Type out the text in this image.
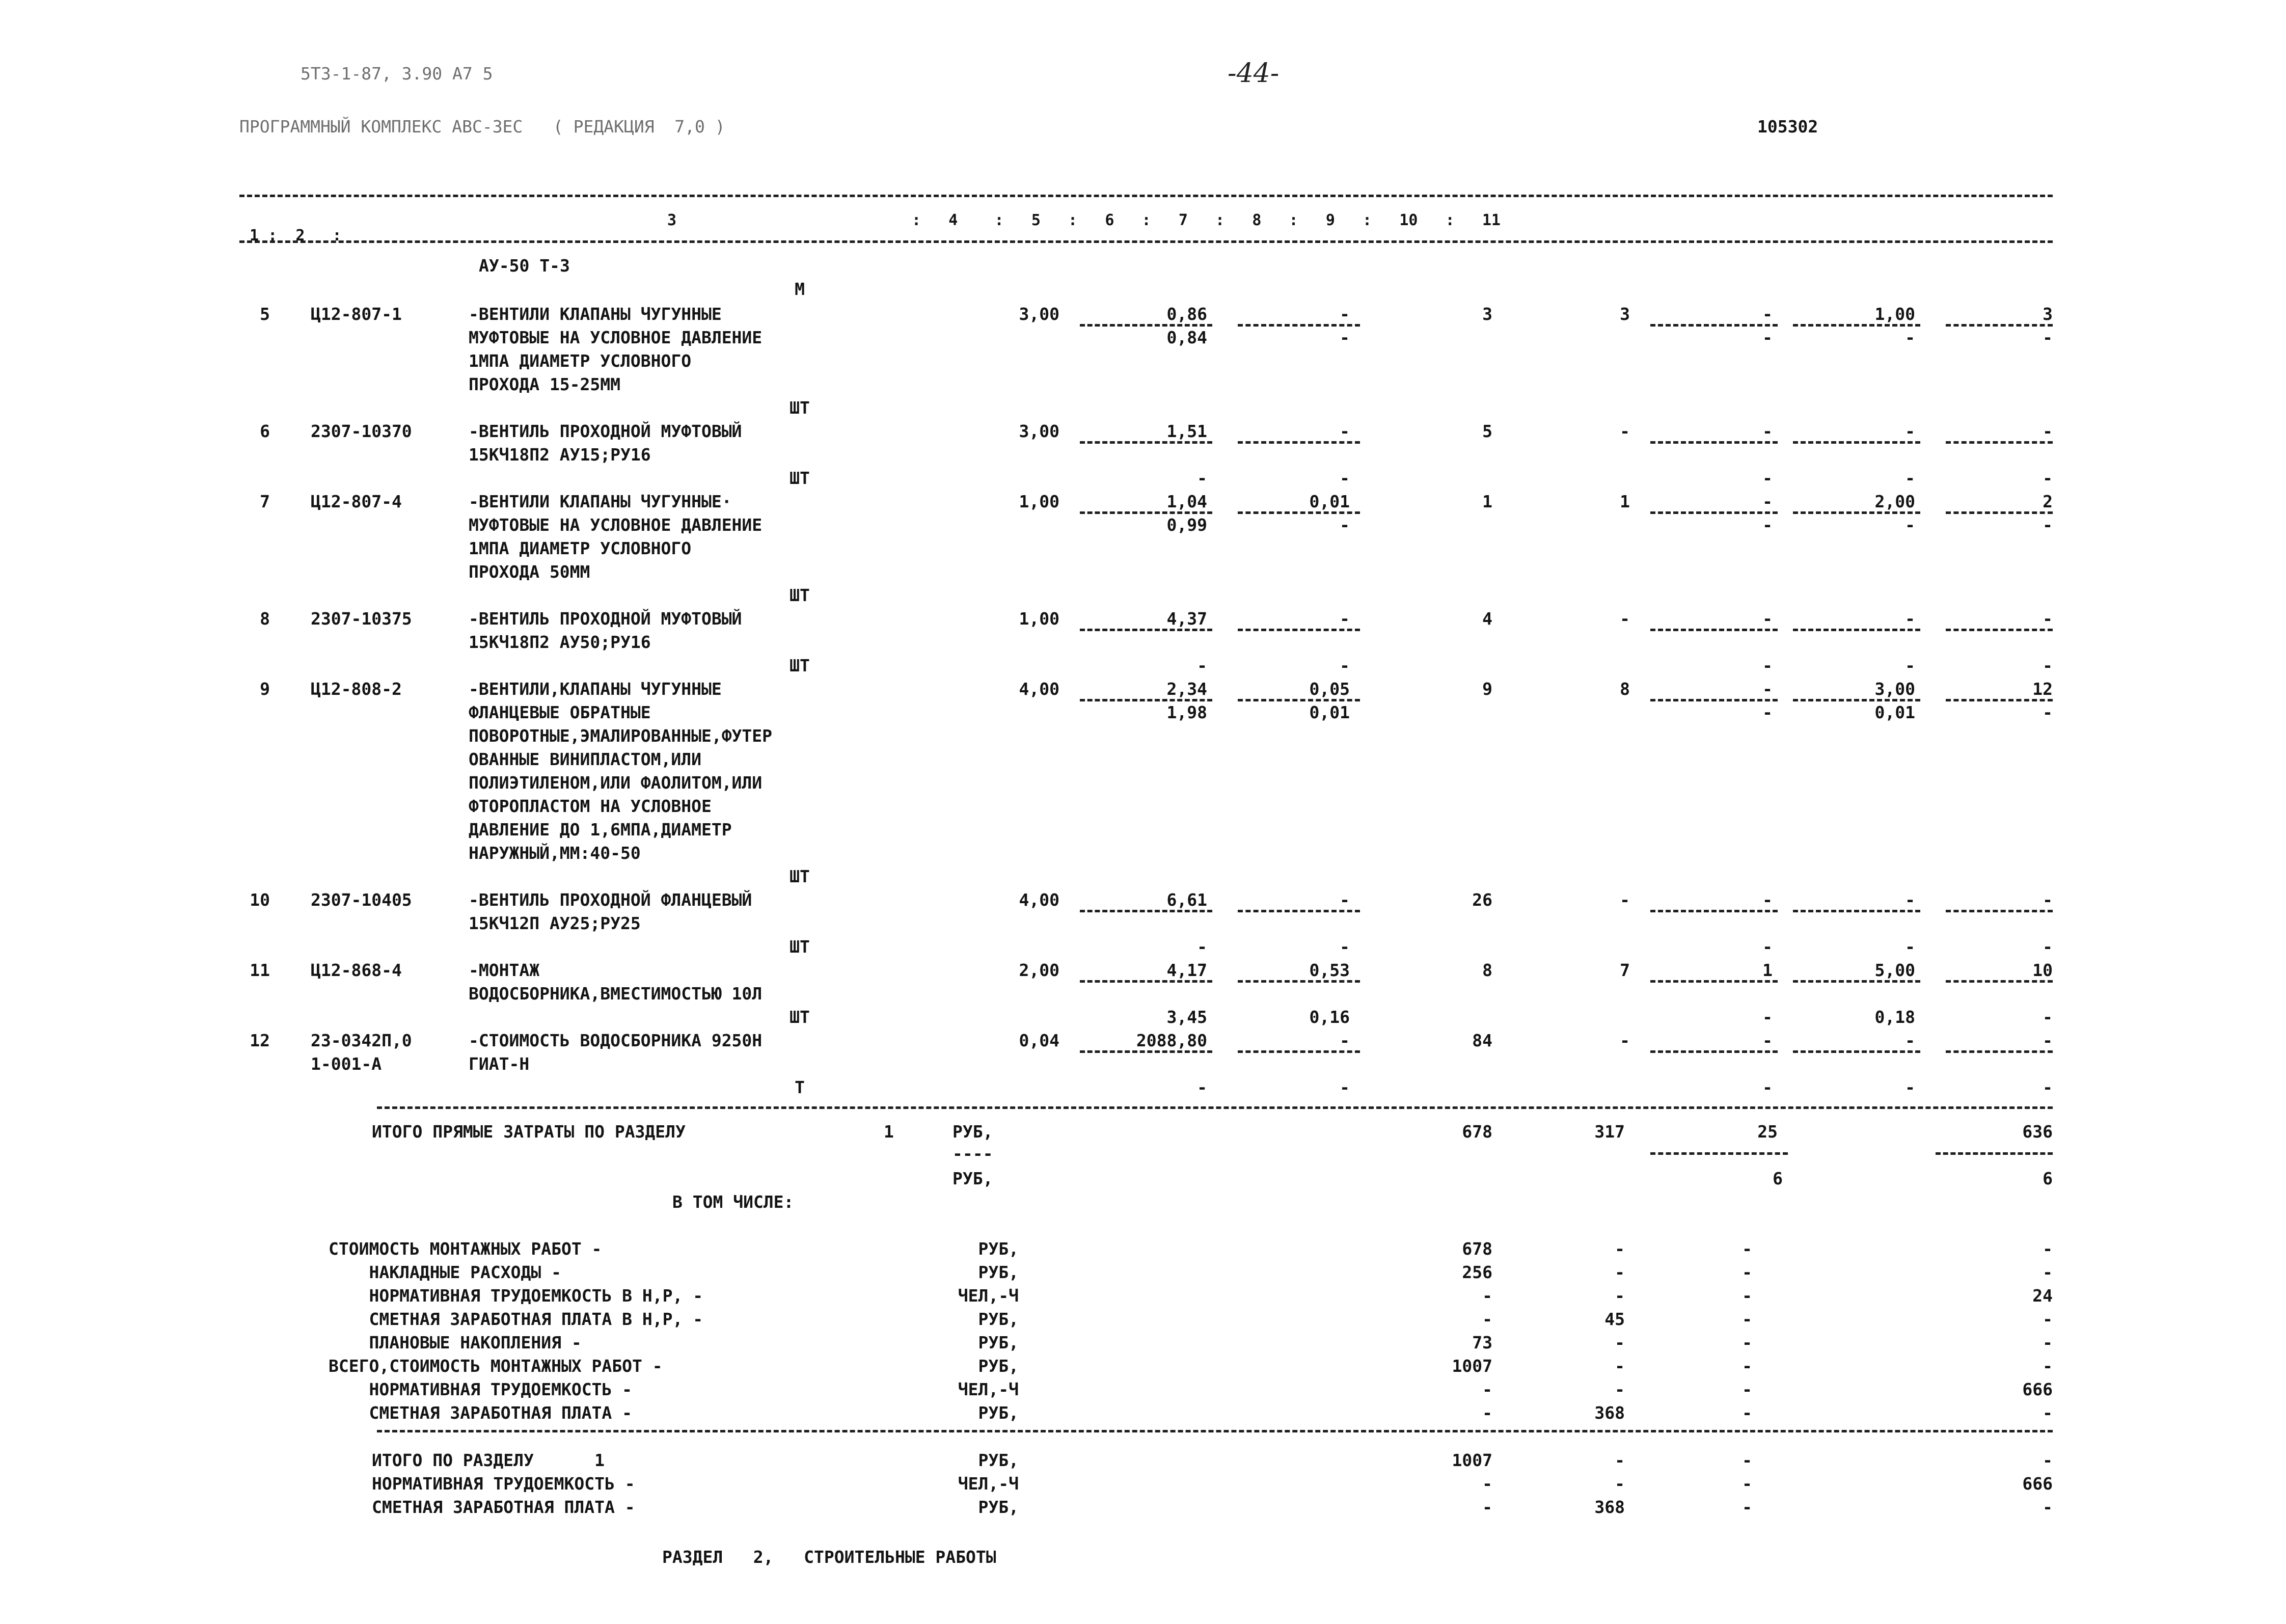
5Т3-1-87, 3.90 А7 5	-44-
ПРОГРАММНЫЙ КОМПЛЕКС АВС-ЗЕС   ( РЕДАКЦИЯ  7,0 )	105302

1 :  2   :
3	:   4    :   5   :   6   :   7   :   8   :   9   :   10   :   11
АУ-50 Т-3
М
5 Ц12-807-1	-ВЕНТИЛИ КЛАПАНЫ ЧУГУННЫЕ
МУФТОВЫЕ НА УСЛОВНОЕ ДАВЛЕНИЕ
1МПА ДИАМЕТР УСЛОВНОГО
ПРОХОДА 15-25ММ
3,00	0,86	-	3	3	-	1,00	3
0,84	-	-	-	-
ШТ
6 2307-10370	-ВЕНТИЛЬ ПРОХОДНОЙ МУФТОВЫЙ
15КЧ18П2 АУ15;РУ16
3,00	1,51	-	5	-	-	-	-
ШТ	-	-	-	-	-
7 Ц12-807-4	-ВЕНТИЛИ КЛАПАНЫ ЧУГУННЫЕ·
МУФТОВЫЕ НА УСЛОВНОЕ ДАВЛЕНИЕ
1МПА ДИАМЕТР УСЛОВНОГО
ПРОХОДА 50ММ
1,00	1,04	0,01	1	1	-	2,00	2
0,99	-	-	-	-
ШТ
8 2307-10375	-ВЕНТИЛЬ ПРОХОДНОЙ МУФТОВЫЙ
15КЧ18П2 АУ50;РУ16
1,00	4,37	-	4	-	-	-	-
ШТ	-	-	-	-	-
9 Ц12-808-2	-ВЕНТИЛИ,КЛАПАНЫ ЧУГУННЫЕ
ФЛАНЦЕВЫЕ ОБРАТНЫЕ
ПОВОРОТНЫЕ,ЭМАЛИРОВАННЫЕ,ФУТЕР
ОВАННЫЕ ВИНИПЛАСТОМ,ИЛИ
ПОЛИЭТИЛЕНОМ,ИЛИ ФАОЛИТОМ,ИЛИ
ФТОРОПЛАСТОМ НА УСЛОВНОЕ
ДАВЛЕНИЕ ДО 1,6МПА,ДИАМЕТР
НАРУЖНЫЙ,ММ:40-50
4,00	2,34	0,05	9	8	-	3,00	12
1,98	0,01	-	0,01	-
ШТ
10 2307-10405	-ВЕНТИЛЬ ПРОХОДНОЙ ФЛАНЦЕВЫЙ
15КЧ12П АУ25;РУ25
4,00	6,61	-	26	-	-	-	-
ШТ	-	-	-	-	-
11 Ц12-868-4	-МОНТАЖ
ВОДОСБОРНИКА,ВМЕСТИМОСТЬЮ 10Л
2,00	4,17	0,53	8	7	1	5,00	10
ШТ	3,45	0,16	-	0,18	-
12 23-0342П,0
1-001-А
-СТОИМОСТЬ ВОДОСБОРНИКА 9250Н
ГИАТ-Н
0,04	2088,80	-	84	-	-	-	-
Т	-	-	-	-	-
ИТОГО ПРЯМЫЕ ЗАТРАТЫ ПО РАЗДЕЛУ	1	РУБ,	678	317	25	636
----
РУБ,	6	6
В ТОМ ЧИСЛЕ:
СТОИМОСТЬ МОНТАЖНЫХ РАБОТ -	РУБ,	678	-	-	-
НАКЛАДНЫЕ РАСХОДЫ -	РУБ,	256	-	-	-
НОРМАТИВНАЯ ТРУДОЕМКОСТЬ В Н,Р, -	ЧЕЛ,-Ч	-	-	-	24
СМЕТНАЯ ЗАРАБОТНАЯ ПЛАТА В Н,Р, -	РУБ,	-	45	-	-
ПЛАНОВЫЕ НАКОПЛЕНИЯ -	РУБ,	73	-	-	-
ВСЕГО,СТОИМОСТЬ МОНТАЖНЫХ РАБОТ -	РУБ,	1007	-	-	-
НОРМАТИВНАЯ ТРУДОЕМКОСТЬ -	ЧЕЛ,-Ч	-	-	-	666
СМЕТНАЯ ЗАРАБОТНАЯ ПЛАТА -	РУБ,	-	368	-	-
ИТОГО ПО РАЗДЕЛУ      1	РУБ,	1007	-	-	-
НОРМАТИВНАЯ ТРУДОЕМКОСТЬ -	ЧЕЛ,-Ч	-	-	-	666
СМЕТНАЯ ЗАРАБОТНАЯ ПЛАТА -	РУБ,	-	368	-	-
РАЗДЕЛ   2,   СТРОИТЕЛЬНЫЕ РАБОТЫ
